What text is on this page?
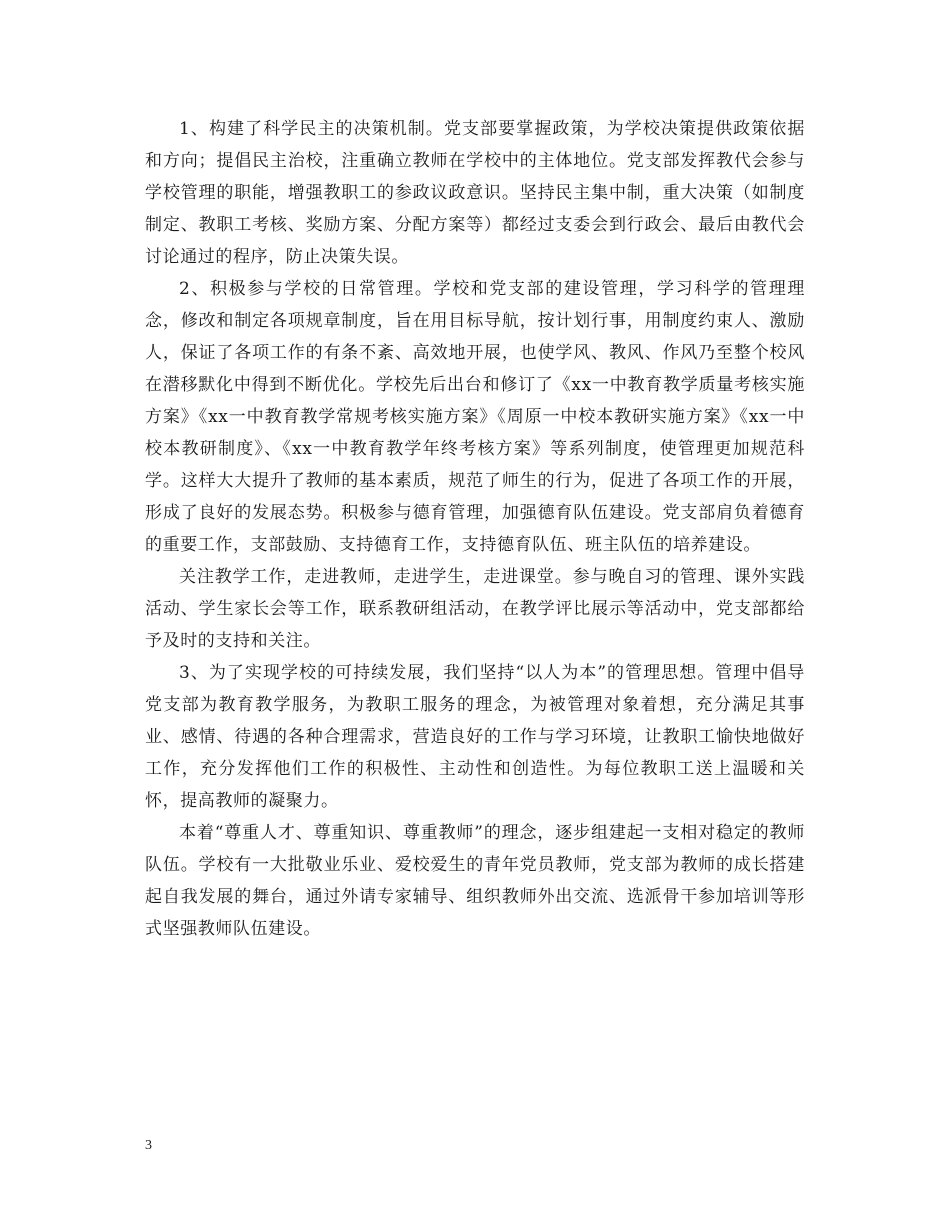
1、构建了科学民主的决策机制。党支部要掌握政策，为学校决策提供政策依据和方向；提倡民主治校，注重确立教师在学校中的主体地位。党支部发挥教代会参与学校管理的职能，增强教职工的参政议政意识。坚持民主集中制，重大决策（如制度制定、教职工考核、奖励方案、分配方案等）都经过支委会到行政会、最后由教代会讨论通过的程序，防止决策失误。

2、积极参与学校的日常管理。学校和党支部的建设管理，学习科学的管理理念，修改和制定各项规章制度，旨在用目标导航，按计划行事，用制度约束人、激励人，保证了各项工作的有条不紊、高效地开展，也使学风、教风、作风乃至整个校风在潜移默化中得到不断优化。学校先后出台和修订了《xx一中教育教学质量考核实施方案》《xx一中教育教学常规考核实施方案》《周原一中校本教研实施方案》《xx一中校本教研制度》、《xx一中教育教学年终考核方案》等系列制度，使管理更加规范科学。这样大大提升了教师的基本素质，规范了师生的行为，促进了各项工作的开展，形成了良好的发展态势。积极参与德育管理，加强德育队伍建设。党支部肩负着德育的重要工作，支部鼓励、支持德育工作，支持德育队伍、班主队伍的培养建设。

关注教学工作，走进教师，走进学生，走进课堂。参与晚自习的管理、课外实践活动、学生家长会等工作，联系教研组活动，在教学评比展示等活动中，党支部都给予及时的支持和关注。

3、为了实现学校的可持续发展，我们坚持“以人为本”的管理思想。管理中倡导党支部为教育教学服务，为教职工服务的理念，为被管理对象着想，充分满足其事业、感情、待遇的各种合理需求，营造良好的工作与学习环境，让教职工愉快地做好工作，充分发挥他们工作的积极性、主动性和创造性。为每位教职工送上温暖和关怀，提高教师的凝聚力。

本着“尊重人才、尊重知识、尊重教师”的理念，逐步组建起一支相对稳定的教师队伍。学校有一大批敬业乐业、爱校爱生的青年党员教师，党支部为教师的成长搭建起自我发展的舞台，通过外请专家辅导、组织教师外出交流、选派骨干参加培训等形式坚强教师队伍建设。

3
